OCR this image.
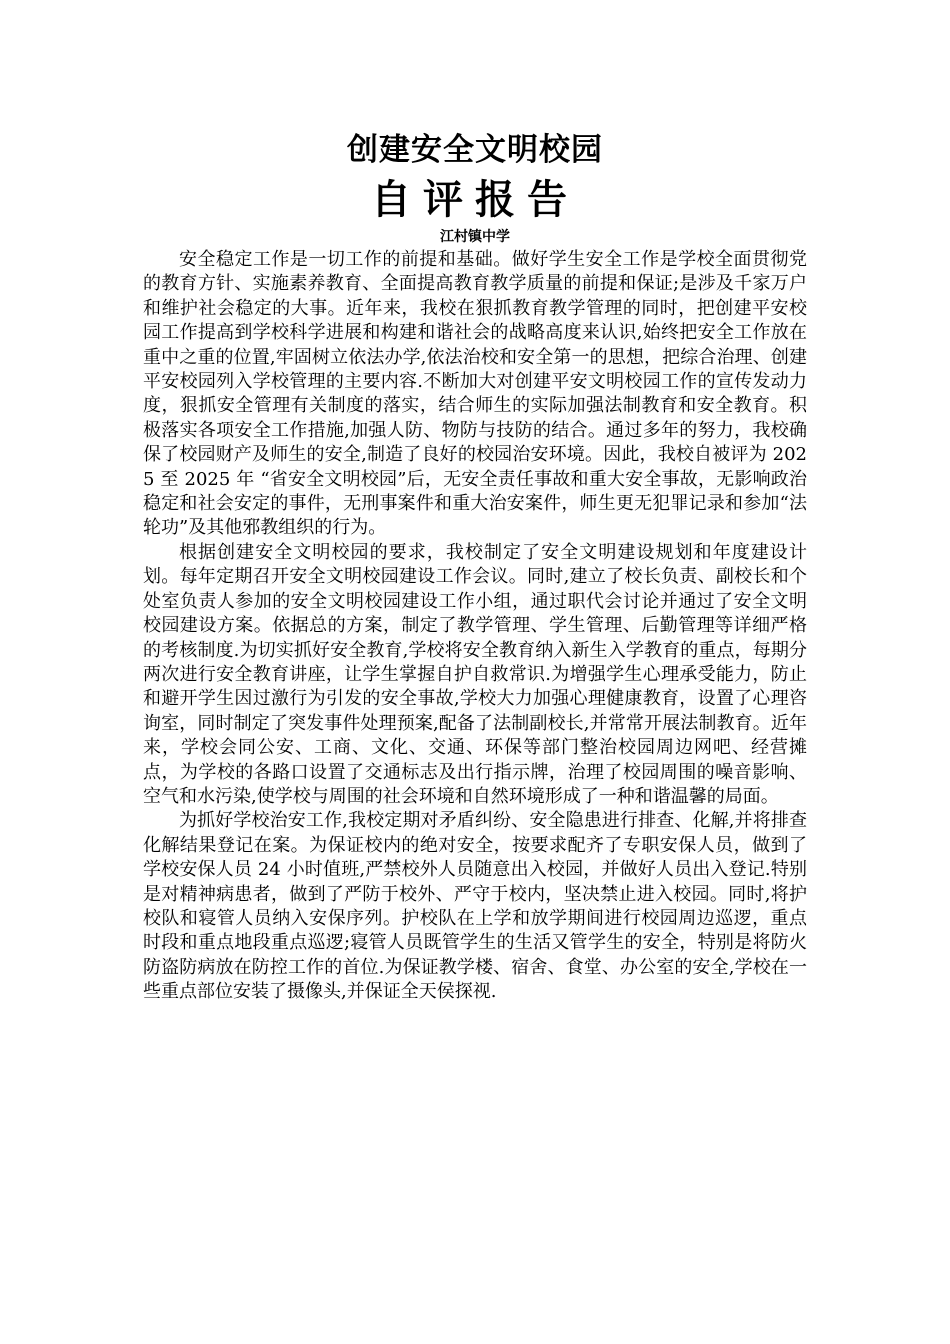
创建安全文明校园
自评报告
江村镇中学

安全稳定工作是一切工作的前提和基础。做好学生安全工作是学校全面贯彻党的教育方针、实施素养教育、全面提高教育教学质量的前提和保证;是涉及千家万户和维护社会稳定的大事。近年来，我校在狠抓教育教学管理的同时，把创建平安校园工作提高到学校科学进展和构建和谐社会的战略高度来认识,始终把安全工作放在重中之重的位置,牢固树立依法办学,依法治校和安全第一的思想，把综合治理、创建平安校园列入学校管理的主要内容.不断加大对创建平安文明校园工作的宣传发动力度，狠抓安全管理有关制度的落实，结合师生的实际加强法制教育和安全教育。积极落实各项安全工作措施,加强人防、物防与技防的结合。通过多年的努力，我校确保了校园财产及师生的安全,制造了良好的校园治安环境。因此，我校自被评为 2025 至 2025 年 “省安全文明校园”后，无安全责任事故和重大安全事故，无影响政治稳定和社会安定的事件，无刑事案件和重大治安案件，师生更无犯罪记录和参加“法轮功”及其他邪教组织的行为。

根据创建安全文明校园的要求，我校制定了安全文明建设规划和年度建设计划。每年定期召开安全文明校园建设工作会议。同时,建立了校长负责、副校长和个处室负责人参加的安全文明校园建设工作小组，通过职代会讨论并通过了安全文明校园建设方案。依据总的方案，制定了教学管理、学生管理、后勤管理等详细严格的考核制度.为切实抓好安全教育,学校将安全教育纳入新生入学教育的重点，每期分两次进行安全教育讲座，让学生掌握自护自救常识.为增强学生心理承受能力，防止和避开学生因过激行为引发的安全事故,学校大力加强心理健康教育，设置了心理咨询室，同时制定了突发事件处理预案,配备了法制副校长,并常常开展法制教育。近年来，学校会同公安、工商、文化、交通、环保等部门整治校园周边网吧、经营摊点，为学校的各路口设置了交通标志及出行指示牌，治理了校园周围的噪音影响、空气和水污染,使学校与周围的社会环境和自然环境形成了一种和谐温馨的局面。

为抓好学校治安工作,我校定期对矛盾纠纷、安全隐患进行排查、化解,并将排查化解结果登记在案。为保证校内的绝对安全，按要求配齐了专职安保人员，做到了学校安保人员 24 小时值班,严禁校外人员随意出入校园，并做好人员出入登记.特别是对精神病患者，做到了严防于校外、严守于校内，坚决禁止进入校园。同时,将护校队和寝管人员纳入安保序列。护校队在上学和放学期间进行校园周边巡逻，重点时段和重点地段重点巡逻;寝管人员既管学生的生活又管学生的安全，特别是将防火防盗防病放在防控工作的首位.为保证教学楼、宿舍、食堂、办公室的安全,学校在一些重点部位安装了摄像头,并保证全天侯探视.
